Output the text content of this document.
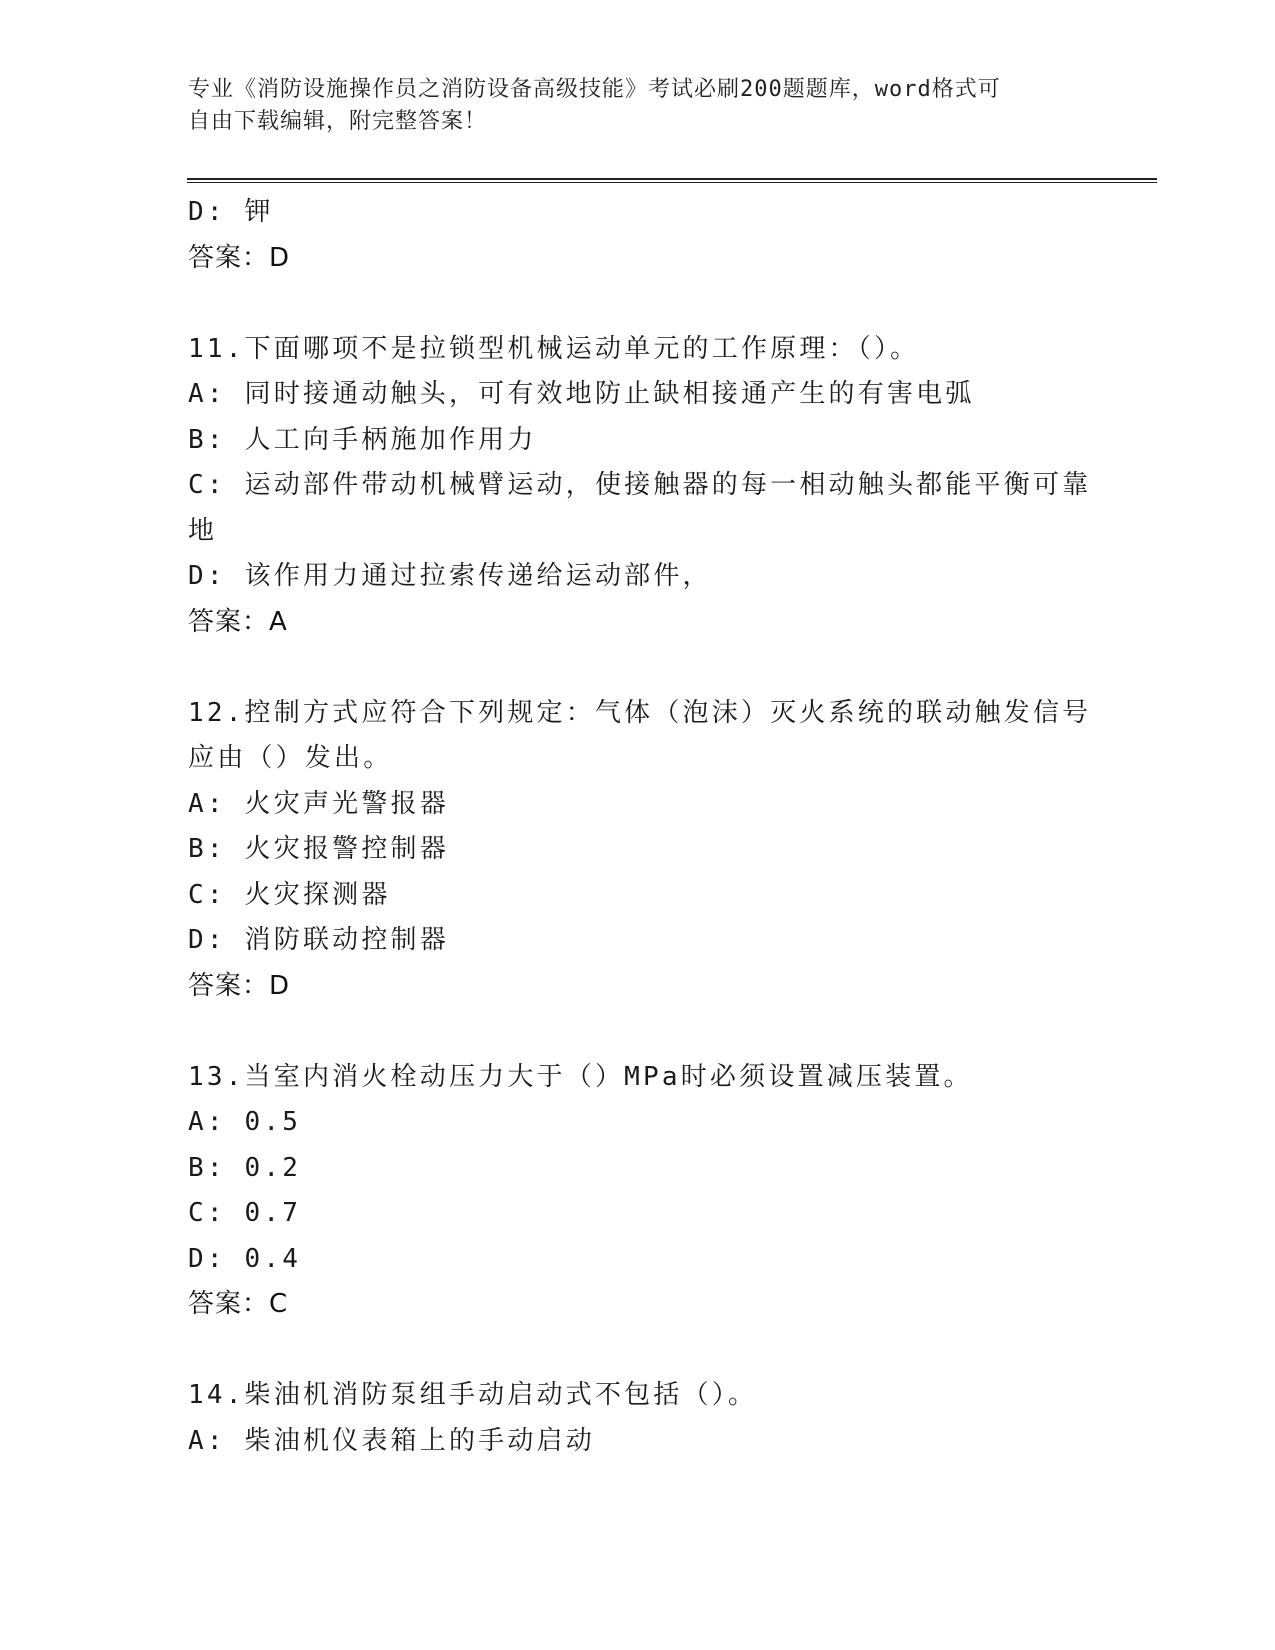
专业《消防设施操作员之消防设备高级技能》考试必刷200题题库，word格式可
自由下载编辑，附完整答案！
D: 钾
答案：D
11.下面哪项不是拉锁型机械运动单元的工作原理：（）。
A: 同时接通动触头，可有效地防止缺相接通产生的有害电弧
B: 人工向手柄施加作用力
C: 运动部件带动机械臂运动，使接触器的每一相动触头都能平衡可靠
地
D: 该作用力通过拉索传递给运动部件，
答案：A
12.控制方式应符合下列规定：气体（泡沫）灭火系统的联动触发信号
应由（）发出。
A: 火灾声光警报器
B: 火灾报警控制器
C: 火灾探测器
D: 消防联动控制器
答案：D
13.当室内消火栓动压力大于（）MPa时必须设置减压装置。
A: 0.5
B: 0.2
C: 0.7
D: 0.4
答案：C
14.柴油机消防泵组手动启动式不包括（）。
A: 柴油机仪表箱上的手动启动
